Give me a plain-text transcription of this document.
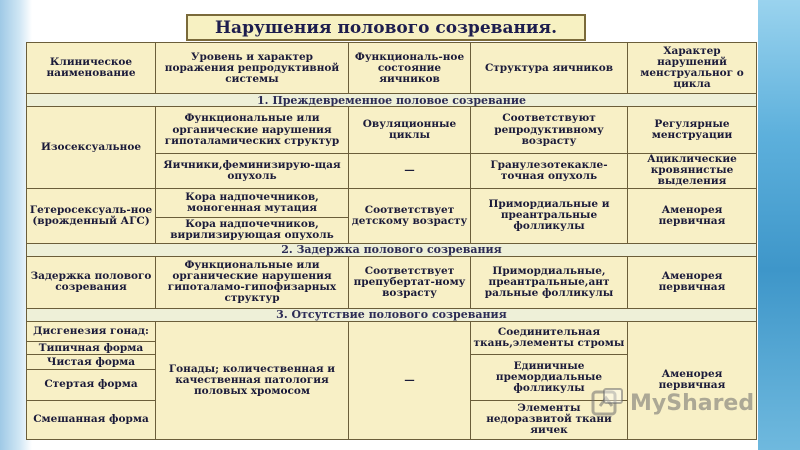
Нарушения полового созревания.
Клиническое наименование	Уровень и характер поражения репродуктивной системы	Функциональ-ное состояние яичников	Структура яичников	Характер нарушений менструальног о цикла
1. Преждевременное половое созревание				
Изосексуальное	Функциональные или органические нарушения гипоталамических структур	Овуляционные циклы	Соответствуют репродуктивному возрасту	Регулярные менструации
	Яичники,феминизирую-щая опухоль	—	Гранулезотекакле-точная опухоль	Ациклические кровянистые выделения
Гетеросексуаль-ное (врожденный АГС)	Кора надпочечников, моногенная мутация	Соответствует детскому возрасту	Примордиальные и преантральные фолликулы	Аменорея первичная
	Кора надпочечников, вирилизирующая опухоль			
2. Задержка полового созревания				
Задержка полового созревания	Функциональные или органические нарушения гипоталамо-гипофизарных структур	Соответствует препубертат-ному возрасту	Примордиальные, преантральные,ант ральные фолликулы	Аменорея первичная
3. Отсутствие полового созревания				
Дисгенезия гонад:	Гонады; количественная и качественная патология половых хромосом	—	Соединительная ткань,элементы стромы	Аменорея первичная
Типичная форма				
Чистая форма			Единичные премордиальные фолликулы	
Стертая форма				
Смешанная форма			Элементы недоразвитой ткани яичек	

MyShared
